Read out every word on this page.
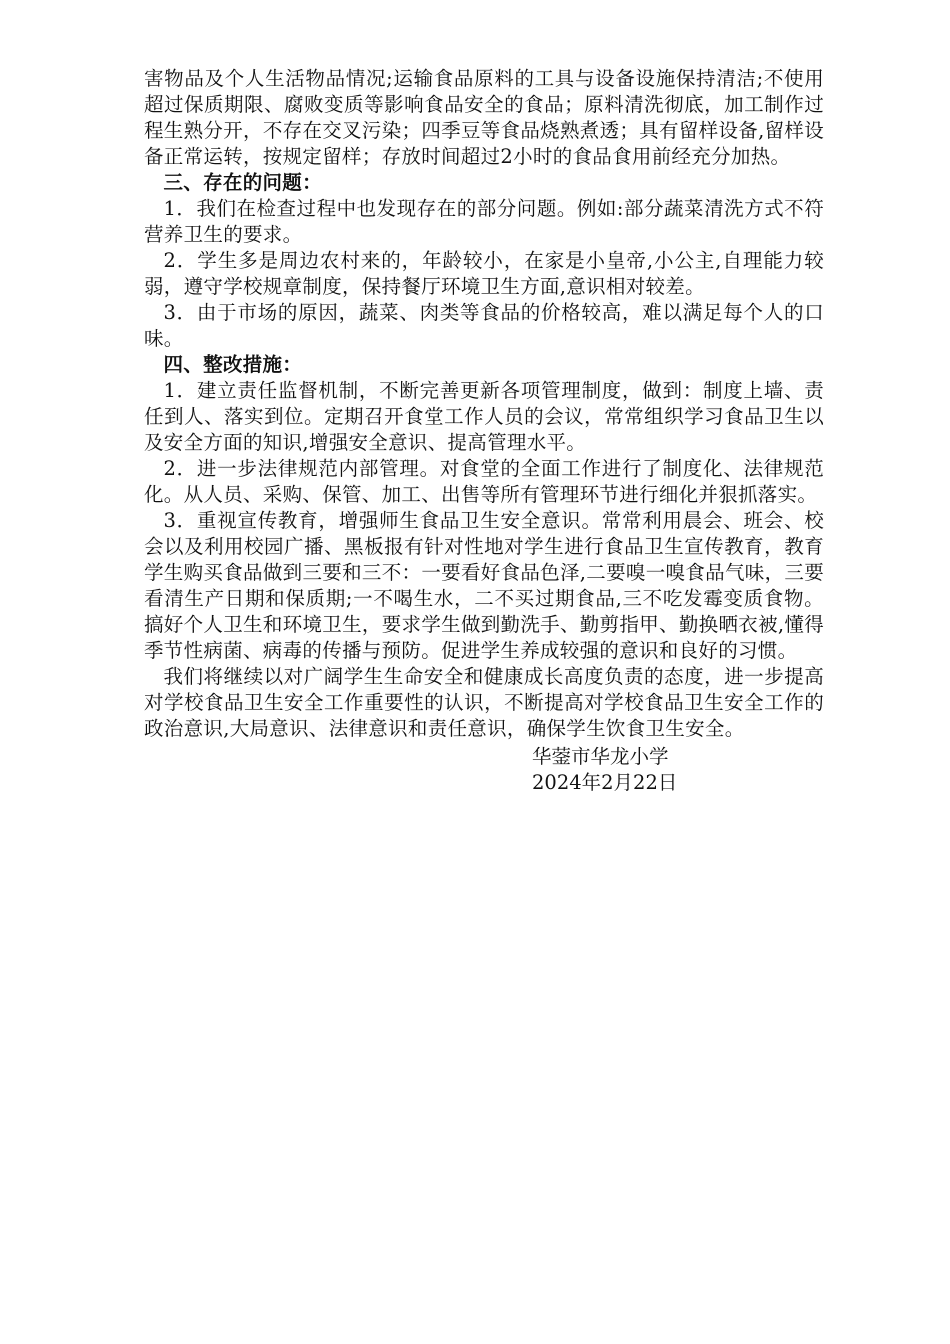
害物品及个人生活物品情况;运输食品原料的工具与设备设施保持清洁;不使用超过保质期限、腐败变质等影响食品安全的食品；原料清洗彻底，加工制作过程生熟分开，不存在交叉污染；四季豆等食品烧熟煮透；具有留样设备,留样设备正常运转，按规定留样；存放时间超过2小时的食品食用前经充分加热。

三、存在的问题：

1．我们在检查过程中也发现存在的部分问题。例如:部分蔬菜清洗方式不符营养卫生的要求。

2．学生多是周边农村来的，年龄较小，在家是小皇帝,小公主,自理能力较弱，遵守学校规章制度，保持餐厅环境卫生方面,意识相对较差。

3．由于市场的原因，蔬菜、肉类等食品的价格较高，难以满足每个人的口味。

四、整改措施：

1．建立责任监督机制，不断完善更新各项管理制度，做到：制度上墙、责任到人、落实到位。定期召开食堂工作人员的会议，常常组织学习食品卫生以及安全方面的知识,增强安全意识、提高管理水平。

2．进一步法律规范内部管理。对食堂的全面工作进行了制度化、法律规范化。从人员、采购、保管、加工、出售等所有管理环节进行细化并狠抓落实。

3．重视宣传教育，增强师生食品卫生安全意识。常常利用晨会、班会、校会以及利用校园广播、黑板报有针对性地对学生进行食品卫生宣传教育，教育学生购买食品做到三要和三不：一要看好食品色泽,二要嗅一嗅食品气味，三要看清生产日期和保质期;一不喝生水，二不买过期食品,三不吃发霉变质食物。搞好个人卫生和环境卫生，要求学生做到勤洗手、勤剪指甲、勤换晒衣被,懂得季节性病菌、病毒的传播与预防。促进学生养成较强的意识和良好的习惯。

我们将继续以对广阔学生生命安全和健康成长高度负责的态度，进一步提高对学校食品卫生安全工作重要性的认识，不断提高对学校食品卫生安全工作的政治意识,大局意识、法律意识和责任意识，确保学生饮食卫生安全。

华蓥市华龙小学
2024年2月22日
